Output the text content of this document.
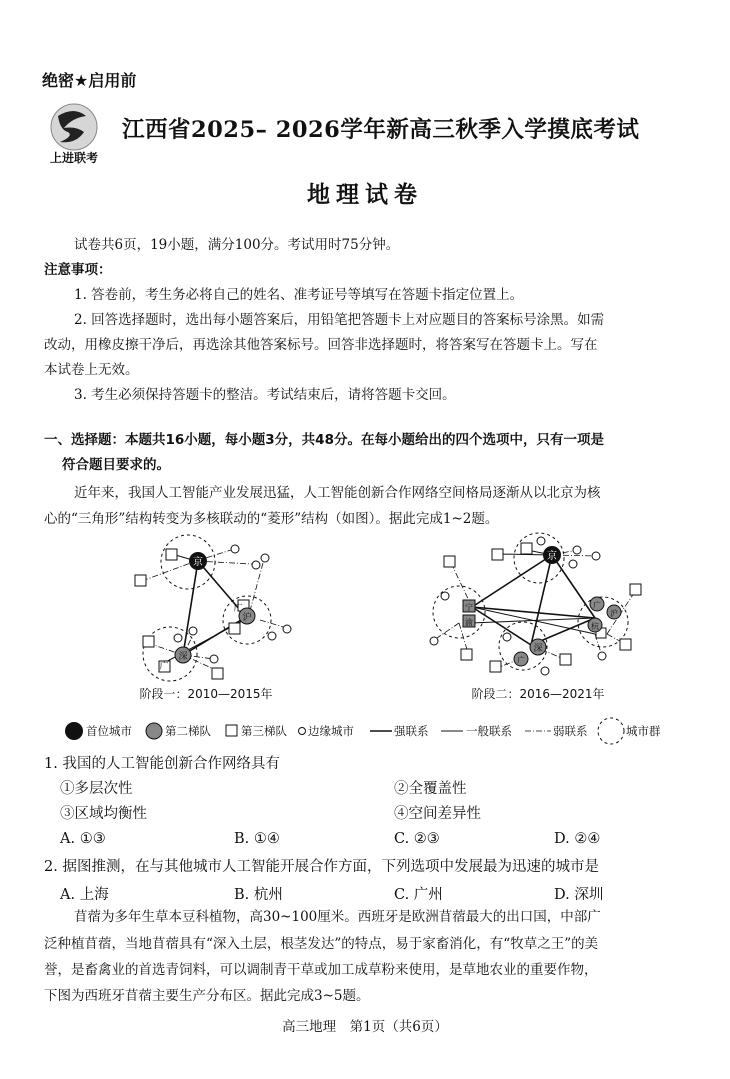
绝密★启用前
上进联考
江西省2025– 2026学年新高三秋季入学摸底考试
地理试卷
试卷共6页，19小题，满分100分。考试用时75分钟。
注意事项：
1. 答卷前，考生务必将自己的姓名、准考证号等填写在答题卡指定位置上。
2. 回答选择题时，选出每小题答案后，用铅笔把答题卡上对应题目的答案标号涂黑。如需
改动，用橡皮擦干净后，再选涂其他答案标号。回答非选择题时，将答案写在答题卡上。写在
本试卷上无效。
3. 考生必须保持答题卡的整洁。考试结束后，请将答题卡交回。
一、选择题：本题共16小题，每小题3分，共48分。在每小题给出的四个选项中，只有一项是
符合题目要求的。
近年来，我国人工智能产业发展迅猛，人工智能创新合作网络空间格局逐渐从以北京为核
心的“三角形”结构转变为多核联动的“菱形”结构（如图）。据此完成1~2题。
京
沪
广
深
广
京
广
沪
杭
宁
渝
深
广
阶段一：2010—2015年	阶段二：2016—2021年
首位城市	第二梯队	第三梯队 边缘城市	强联系	一般联系	弱联系	城市群
1. 我国的人工智能创新合作网络具有
①多层次性	②全覆盖性
③区域均衡性	④空间差异性
A. ①③	B. ①④	C. ②③	D. ②④
2. 据图推测，在与其他城市人工智能开展合作方面，下列选项中发展最为迅速的城市是
A. 上海	B. 杭州	C. 广州	D. 深圳
苜蓿为多年生草本豆科植物，高30~100厘米。西班牙是欧洲苜蓿最大的出口国，中部广
泛种植苜蓿，当地苜蓿具有“深入土层，根茎发达”的特点，易于家畜消化，有“牧草之王”的美
誉，是畜禽业的首选青饲料，可以调制青干草或加工成草粉来使用，是草地农业的重要作物，
下图为西班牙苜蓿主要生产分布区。据此完成3~5题。
高三地理　第1页（共6页）
